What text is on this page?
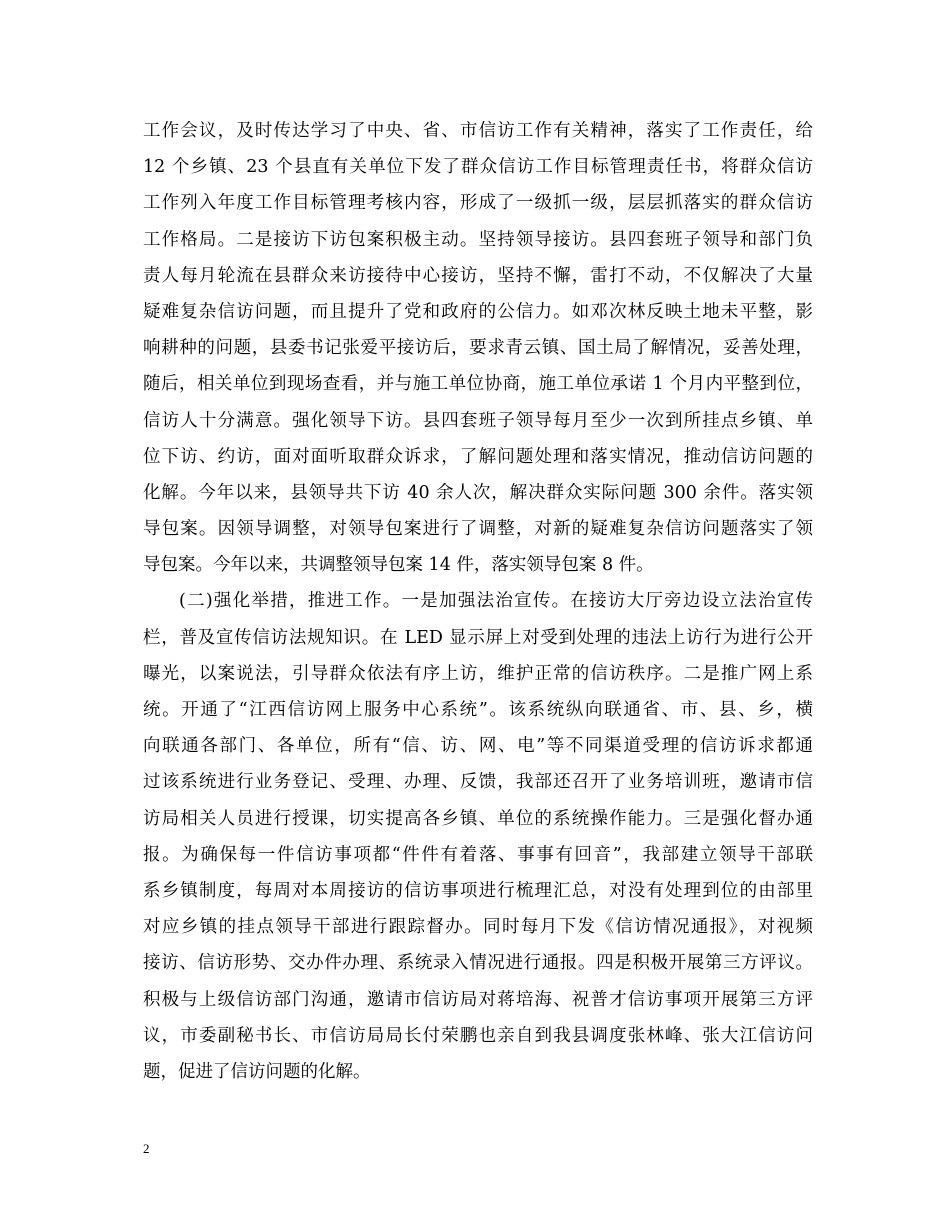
工作会议，及时传达学习了中央、省、市信访工作有关精神，落实了工作责任，给
12 个乡镇、23 个县直有关单位下发了群众信访工作目标管理责任书，将群众信访
工作列入年度工作目标管理考核内容，形成了一级抓一级，层层抓落实的群众信访
工作格局。二是接访下访包案积极主动。坚持领导接访。县四套班子领导和部门负
责人每月轮流在县群众来访接待中心接访，坚持不懈，雷打不动，不仅解决了大量
疑难复杂信访问题，而且提升了党和政府的公信力。如邓次林反映土地未平整，影
响耕种的问题，县委书记张爱平接访后，要求青云镇、国土局了解情况，妥善处理，
随后，相关单位到现场查看，并与施工单位协商，施工单位承诺 1 个月内平整到位，
信访人十分满意。强化领导下访。县四套班子领导每月至少一次到所挂点乡镇、单
位下访、约访，面对面听取群众诉求，了解问题处理和落实情况，推动信访问题的
化解。今年以来，县领导共下访 40 余人次，解决群众实际问题 300 余件。落实领
导包案。因领导调整，对领导包案进行了调整，对新的疑难复杂信访问题落实了领
导包案。今年以来，共调整领导包案 14 件，落实领导包案 8 件。
(二)强化举措，推进工作。一是加强法治宣传。在接访大厅旁边设立法治宣传
栏，普及宣传信访法规知识。在 LED 显示屏上对受到处理的违法上访行为进行公开
曝光，以案说法，引导群众依法有序上访，维护正常的信访秩序。二是推广网上系
统。开通了“江西信访网上服务中心系统”。该系统纵向联通省、市、县、乡，横
向联通各部门、各单位，所有“信、访、网、电”等不同渠道受理的信访诉求都通
过该系统进行业务登记、受理、办理、反馈，我部还召开了业务培训班，邀请市信
访局相关人员进行授课，切实提高各乡镇、单位的系统操作能力。三是强化督办通
报。为确保每一件信访事项都“件件有着落、事事有回音”，我部建立领导干部联
系乡镇制度，每周对本周接访的信访事项进行梳理汇总，对没有处理到位的由部里
对应乡镇的挂点领导干部进行跟踪督办。同时每月下发《信访情况通报》，对视频
接访、信访形势、交办件办理、系统录入情况进行通报。四是积极开展第三方评议。
积极与上级信访部门沟通，邀请市信访局对蒋培海、祝普才信访事项开展第三方评
议，市委副秘书长、市信访局局长付荣鹏也亲自到我县调度张林峰、张大江信访问
题，促进了信访问题的化解。
2
